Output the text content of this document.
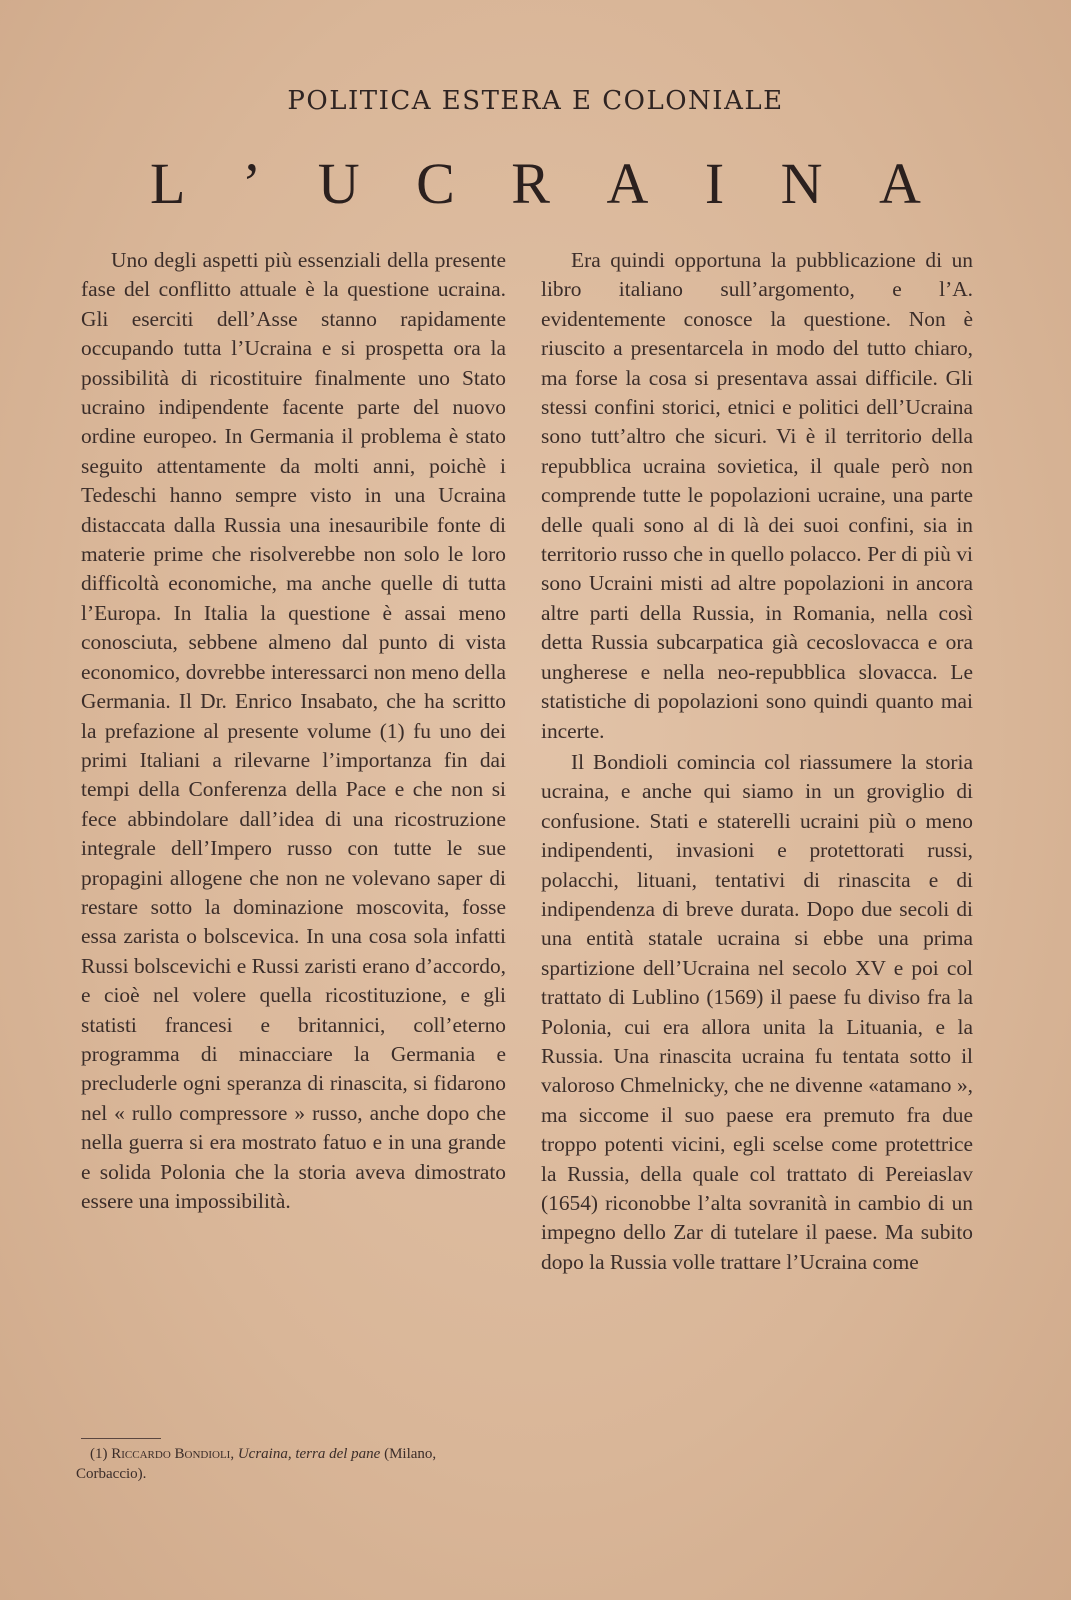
POLITICA ESTERA E COLONIALE
L ’ U C R A I N A

Uno degli aspetti più essenziali della presente fase del conflitto attuale è la questione ucraina. Gli eserciti dell’Asse stanno rapidamente occupando tutta l’Ucraina e si prospetta ora la possibilità di ricostituire finalmente uno Stato ucraino indipendente facente parte del nuovo ordine europeo. In Germania il problema è stato seguito attentamente da molti anni, poichè i Tedeschi hanno sempre visto in una Ucraina distaccata dalla Russia una inesauribile fonte di materie prime che risolverebbe non solo le loro difficoltà economiche, ma anche quelle di tutta l’Europa. In Italia la questione è assai meno conosciuta, sebbene almeno dal punto di vista economico, dovrebbe interessarci non meno della Germania. Il Dr. Enrico Insabato, che ha scritto la prefazione al presente volume (1) fu uno dei primi Italiani a rilevarne l’importanza fin dai tempi della Conferenza della Pace e che non si fece abbindolare dall’idea di una ricostruzione integrale dell’Impero russo con tutte le sue propagini allogene che non ne volevano saper di restare sotto la dominazione moscovita, fosse essa zarista o bolscevica. In una cosa sola infatti Russi bolscevichi e Russi zaristi erano d’accordo, e cioè nel volere quella ricostituzione, e gli statisti francesi e britannici, coll’eterno programma di minacciare la Germania e precluderle ogni speranza di rinascita, si fidarono nel « rullo compressore » russo, anche dopo che nella guerra si era mostrato fatuo e in una grande e solida Polonia che la storia aveva dimostrato essere una impossibilità.

Era quindi opportuna la pubblicazione di un libro italiano sull’argomento, e l’A. evidentemente conosce la questione. Non è riuscito a presentarcela in modo del tutto chiaro, ma forse la cosa si presentava assai difficile. Gli stessi confini storici, etnici e politici dell’Ucraina sono tutt’altro che sicuri. Vi è il territorio della repubblica ucraina sovietica, il quale però non comprende tutte le popolazioni ucraine, una parte delle quali sono al di là dei suoi confini, sia in territorio russo che in quello polacco. Per di più vi sono Ucraini misti ad altre popolazioni in ancora altre parti della Russia, in Romania, nella così detta Russia subcarpatica già cecoslovacca e ora ungherese e nella neo-repubblica slovacca. Le statistiche di popolazioni sono quindi quanto mai incerte.

Il Bondioli comincia col riassumere la storia ucraina, e anche qui siamo in un groviglio di confusione. Stati e staterelli ucraini più o meno indipendenti, invasioni e protettorati russi, polacchi, lituani, tentativi di rinascita e di indipendenza di breve durata. Dopo due secoli di una entità statale ucraina si ebbe una prima spartizione dell’Ucraina nel secolo XV e poi col trattato di Lublino (1569) il paese fu diviso fra la Polonia, cui era allora unita la Lituania, e la Russia. Una rinascita ucraina fu tentata sotto il valoroso Chmelnicky, che ne divenne «atamano », ma siccome il suo paese era premuto fra due troppo potenti vicini, egli scelse come protettrice la Russia, della quale col trattato di Pereiaslav (1654) riconobbe l’alta sovranità in cambio di un impegno dello Zar di tutelare il paese. Ma subito dopo la Russia volle trattare l’Ucraina come

(1) Riccardo Bondioli, Ucraina, terra del pane (Milano, Corbaccio).
